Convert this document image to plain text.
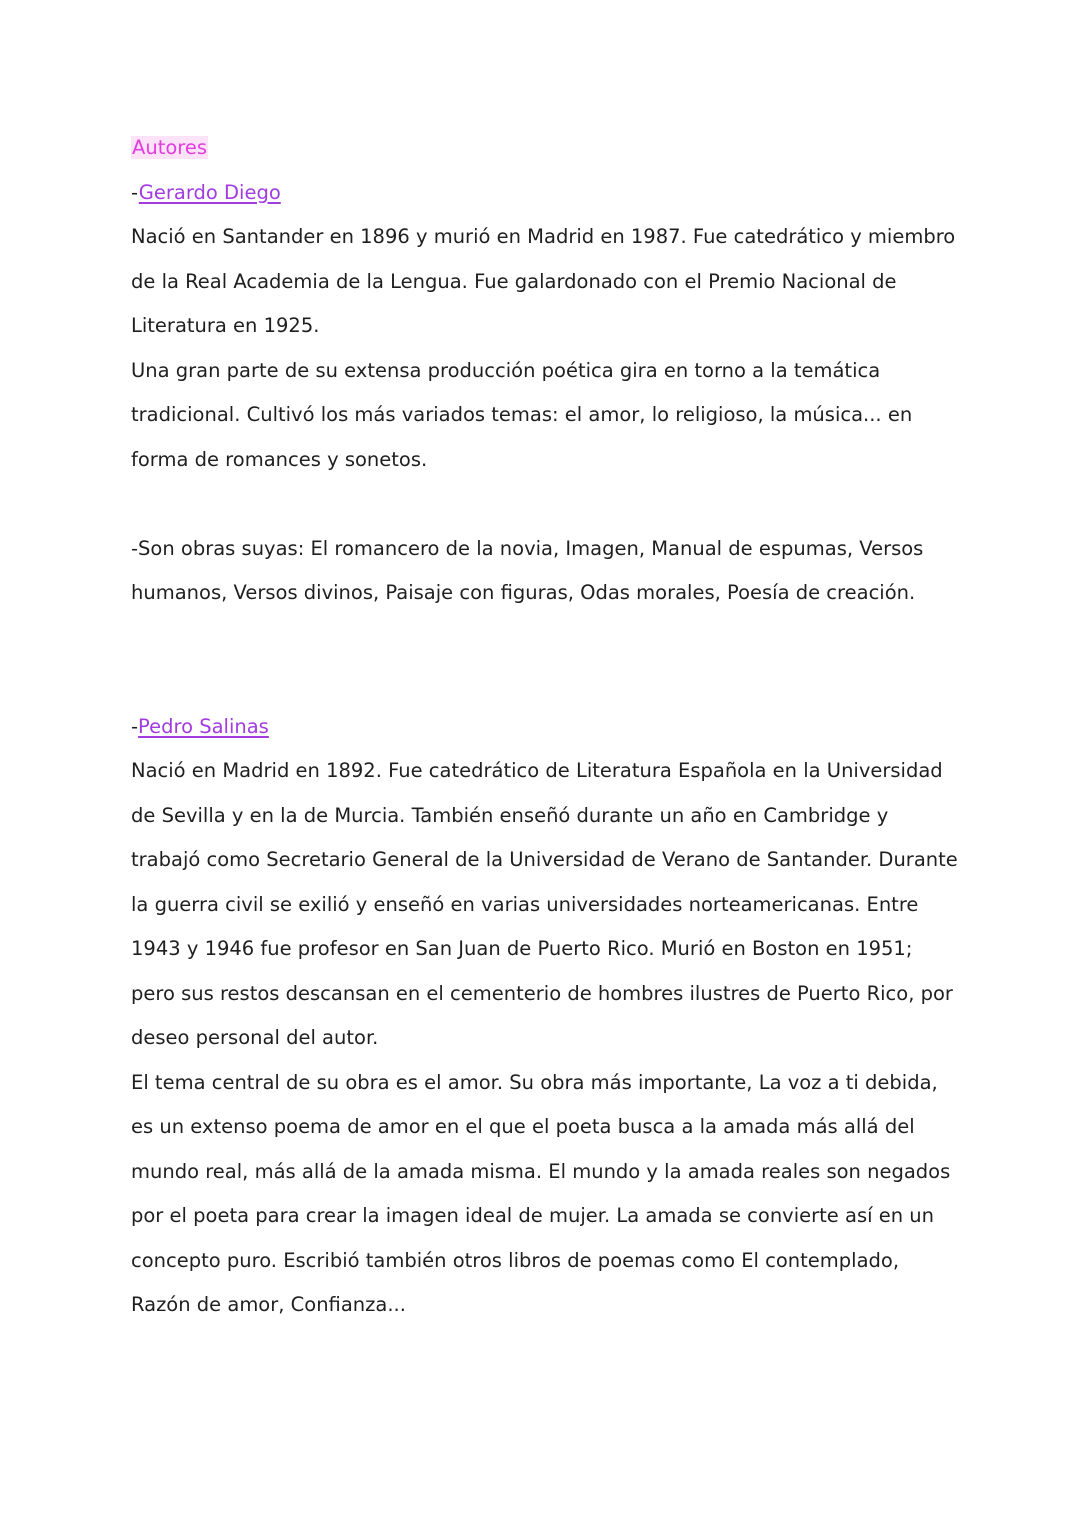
Autores
-Gerardo Diego
Nació en Santander en 1896 y murió en Madrid en 1987. Fue catedrático y miembro
de la Real Academia de la Lengua. Fue galardonado con el Premio Nacional de
Literatura en 1925.
Una gran parte de su extensa producción poética gira en torno a la temática
tradicional. Cultivó los más variados temas: el amor, lo religioso, la música... en
forma de romances y sonetos.
-Son obras suyas: El romancero de la novia, Imagen, Manual de espumas, Versos
humanos, Versos divinos, Paisaje con figuras, Odas morales, Poesía de creación.
-Pedro Salinas
Nació en Madrid en 1892. Fue catedrático de Literatura Española en la Universidad
de Sevilla y en la de Murcia. También enseñó durante un año en Cambridge y
trabajó como Secretario General de la Universidad de Verano de Santander. Durante
la guerra civil se exilió y enseñó en varias universidades norteamericanas. Entre
1943 y 1946 fue profesor en San Juan de Puerto Rico. Murió en Boston en 1951;
pero sus restos descansan en el cementerio de hombres ilustres de Puerto Rico, por
deseo personal del autor.
El tema central de su obra es el amor. Su obra más importante, La voz a ti debida,
es un extenso poema de amor en el que el poeta busca a la amada más allá del
mundo real, más allá de la amada misma. El mundo y la amada reales son negados
por el poeta para crear la imagen ideal de mujer. La amada se convierte así en un
concepto puro. Escribió también otros libros de poemas como El contemplado,
Razón de amor, Confianza...
